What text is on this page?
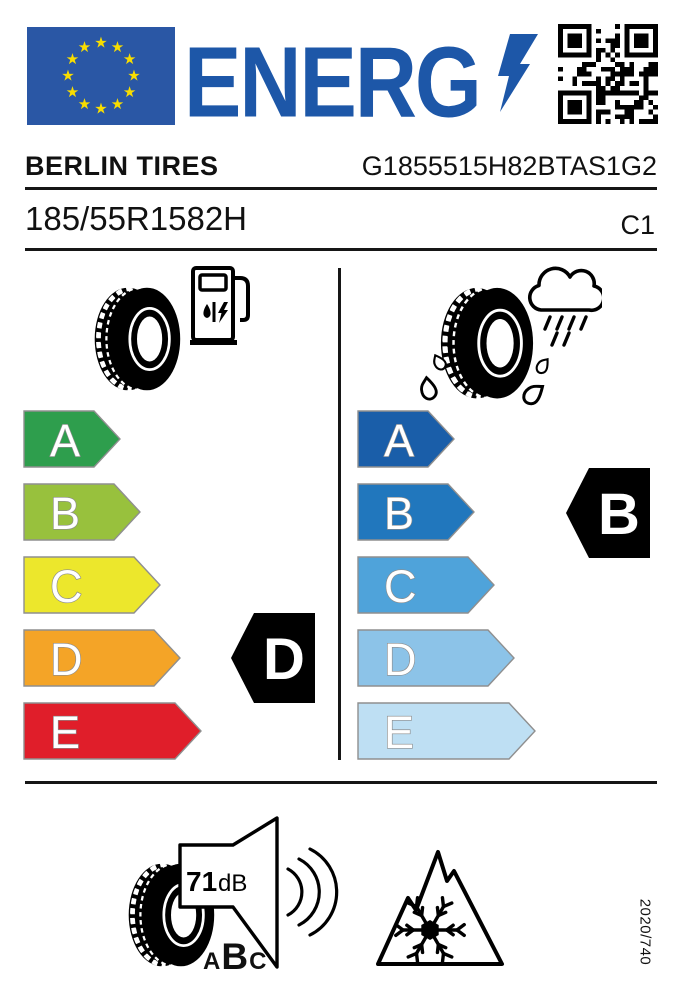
★ ★
★
★
★
★
★
★
★
★
★
★ ENERG
BERLIN TIRES	G1855515H82BTAS1G2
185/55R1582H	C1
A
B
C
D
E
A
B
C
D
E
D
B
71 dB
A B C	2020/740
